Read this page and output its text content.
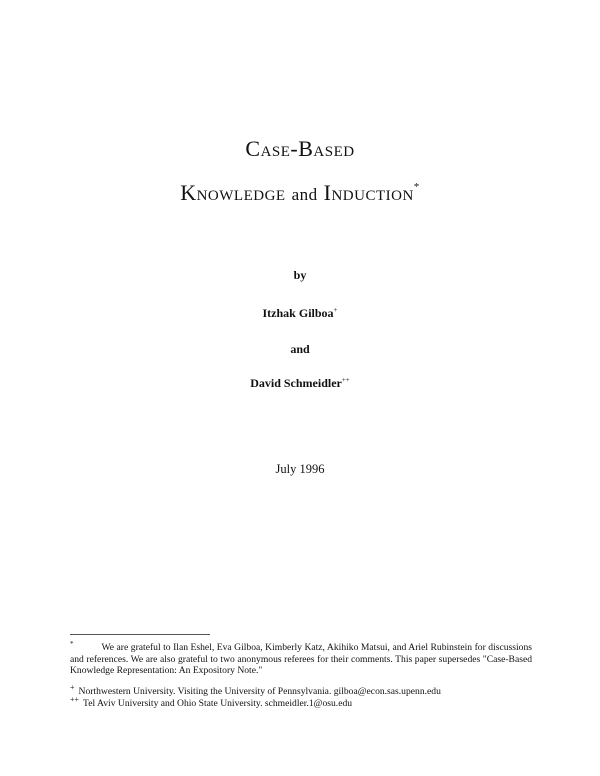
Case-Based
Knowledge and Induction*
by
Itzhak Gilboa+
and
David Schmeidler++
July 1996
*	We are grateful to Ilan Eshel, Eva Gilboa, Kimberly Katz, Akihiko Matsui, and Ariel Rubinstein for discussions and references. We are also grateful to two anonymous referees for their comments. This paper supersedes "Case-Based Knowledge Representation: An Expository Note."
+ Northwestern University. Visiting the University of Pennsylvania. gilboa@econ.sas.upenn.edu
++ Tel Aviv University and Ohio State University. schmeidler.1@osu.edu
